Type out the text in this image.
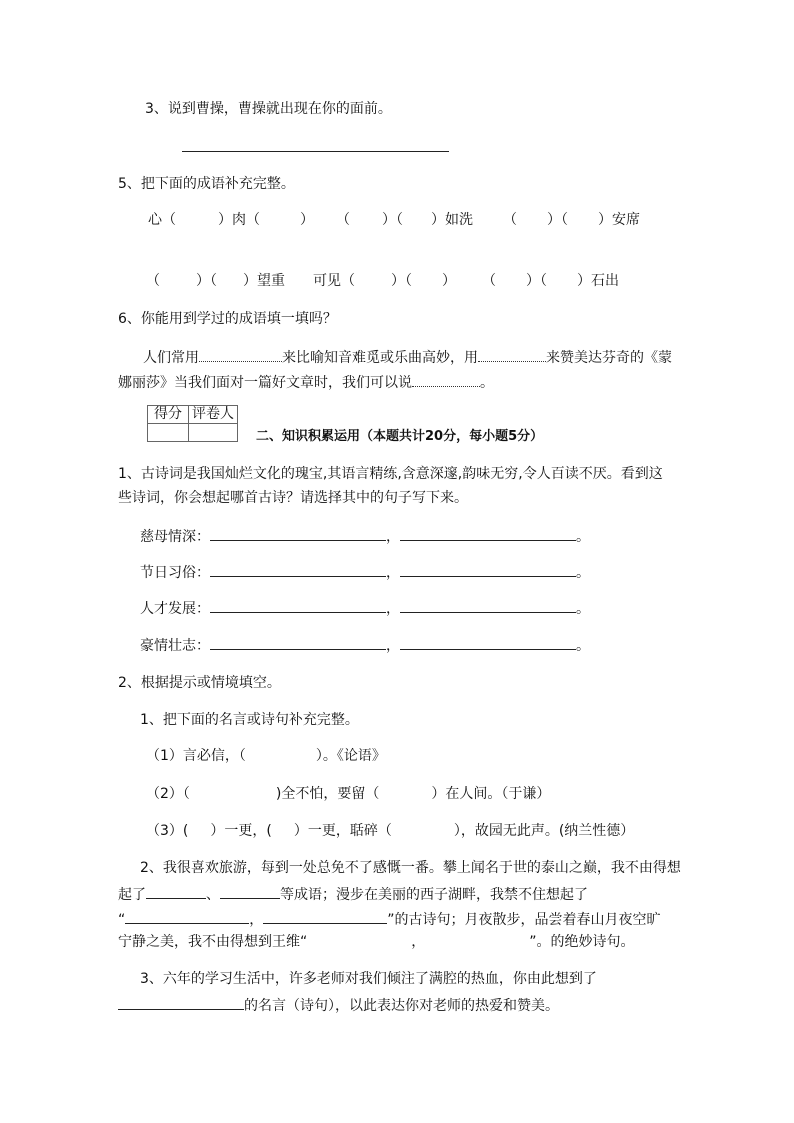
3、说到曹操，曹操就出现在你的面前。
5、把下面的成语补充完整。
心（	）肉（	） （ ）（ ）如洗 （ ）（ ）安席
（	）（ ）望重 可见（	）（ ） （ ）（ ）石出
6、你能用到学过的成语填一填吗？
人们常用	来比喻知音难觅或乐曲高妙，用	来赞美达芬奇的《蒙
娜丽莎》当我们面对一篇好文章时，我们可以说	。
得分	评卷人

二、知识积累运用（本题共计20分，每小题5分）
1、古诗词是我国灿烂文化的瑰宝,其语言精练,含意深邃,韵味无穷,令人百读不厌。看到这
些诗词，你会想起哪首古诗？请选择其中的句子写下来。
慈母情深：	，	。
节日习俗：	，	。
人才发展：	，	。
豪情壮志：	，	。
2、根据提示或情境填空。
1、把下面的名言或诗句补充完整。
（1）言必信，（	）。《论语》
（2）（	)全不怕，要留（	）在人间。（于谦）
（3）( ）一更，( ）一更，聒碎（	），故园无此声。(纳兰性德）
2、我很喜欢旅游，每到一处总免不了感慨一番。攀上闻名于世的泰山之巅，我不由得想
起了	、	等成语；漫步在美丽的西子湖畔，我禁不住想起了
“	，	”的古诗句；月夜散步，品尝着春山月夜空旷
宁静之美，我不由得想到王维“	，	”。的绝妙诗句。
3、六年的学习生活中，许多老师对我们倾注了满腔的热血，你由此想到了
的名言（诗句），以此表达你对老师的热爱和赞美。
